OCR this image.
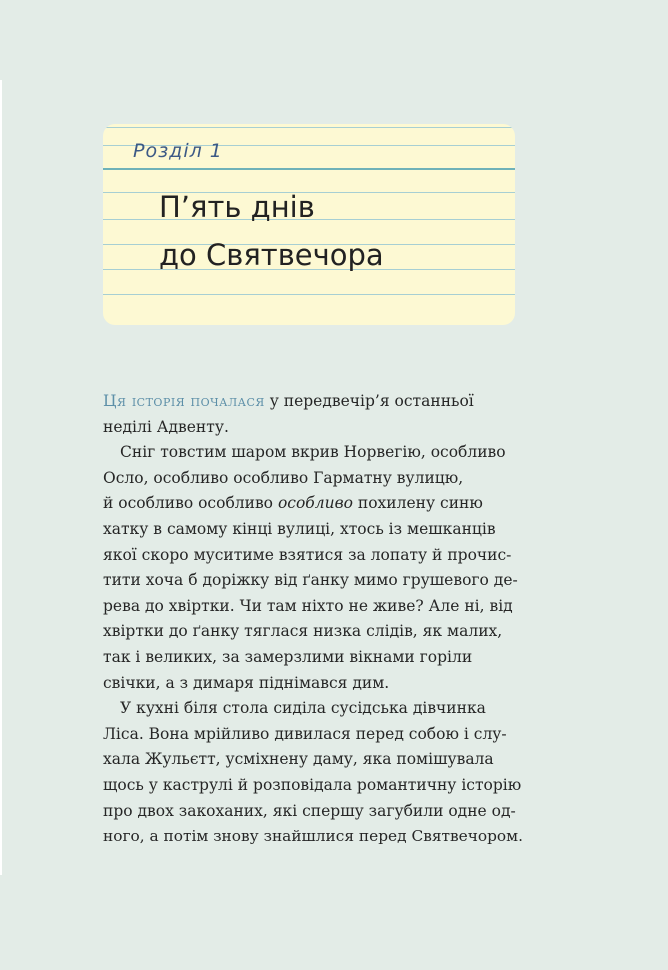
Розділ 1
П’ять днів
до Святвечора
Ця історія почалася у передвечір’я останньої
неділі Адвенту.
Сніг товстим шаром вкрив Норвегію, особливо
Осло, особливо особливо Гарматну вулицю,
й особливо особливо особливо похилену синю
хатку в самому кінці вулиці, хтось із мешканців
якої скоро муситиме взятися за лопату й прочис-
тити хоча б доріжку від ґанку мимо грушевого де-
рева до хвіртки. Чи там ніхто не живе? Але ні, від
хвіртки до ґанку тяглася низка слідів, як малих,
так і великих, за замерзлими вікнами горіли
свічки, а з димаря піднімався дим.
У кухні біля стола сиділа сусідська дівчинка
Ліса. Вона мрійливо дивилася перед собою і слу-
хала Жульєтт, усміхнену даму, яка помішувала
щось у каструлі й розповідала романтичну історію
про двох закоханих, які спершу загубили одне од-
ного, а потім знову знайшлися перед Святвечором.
